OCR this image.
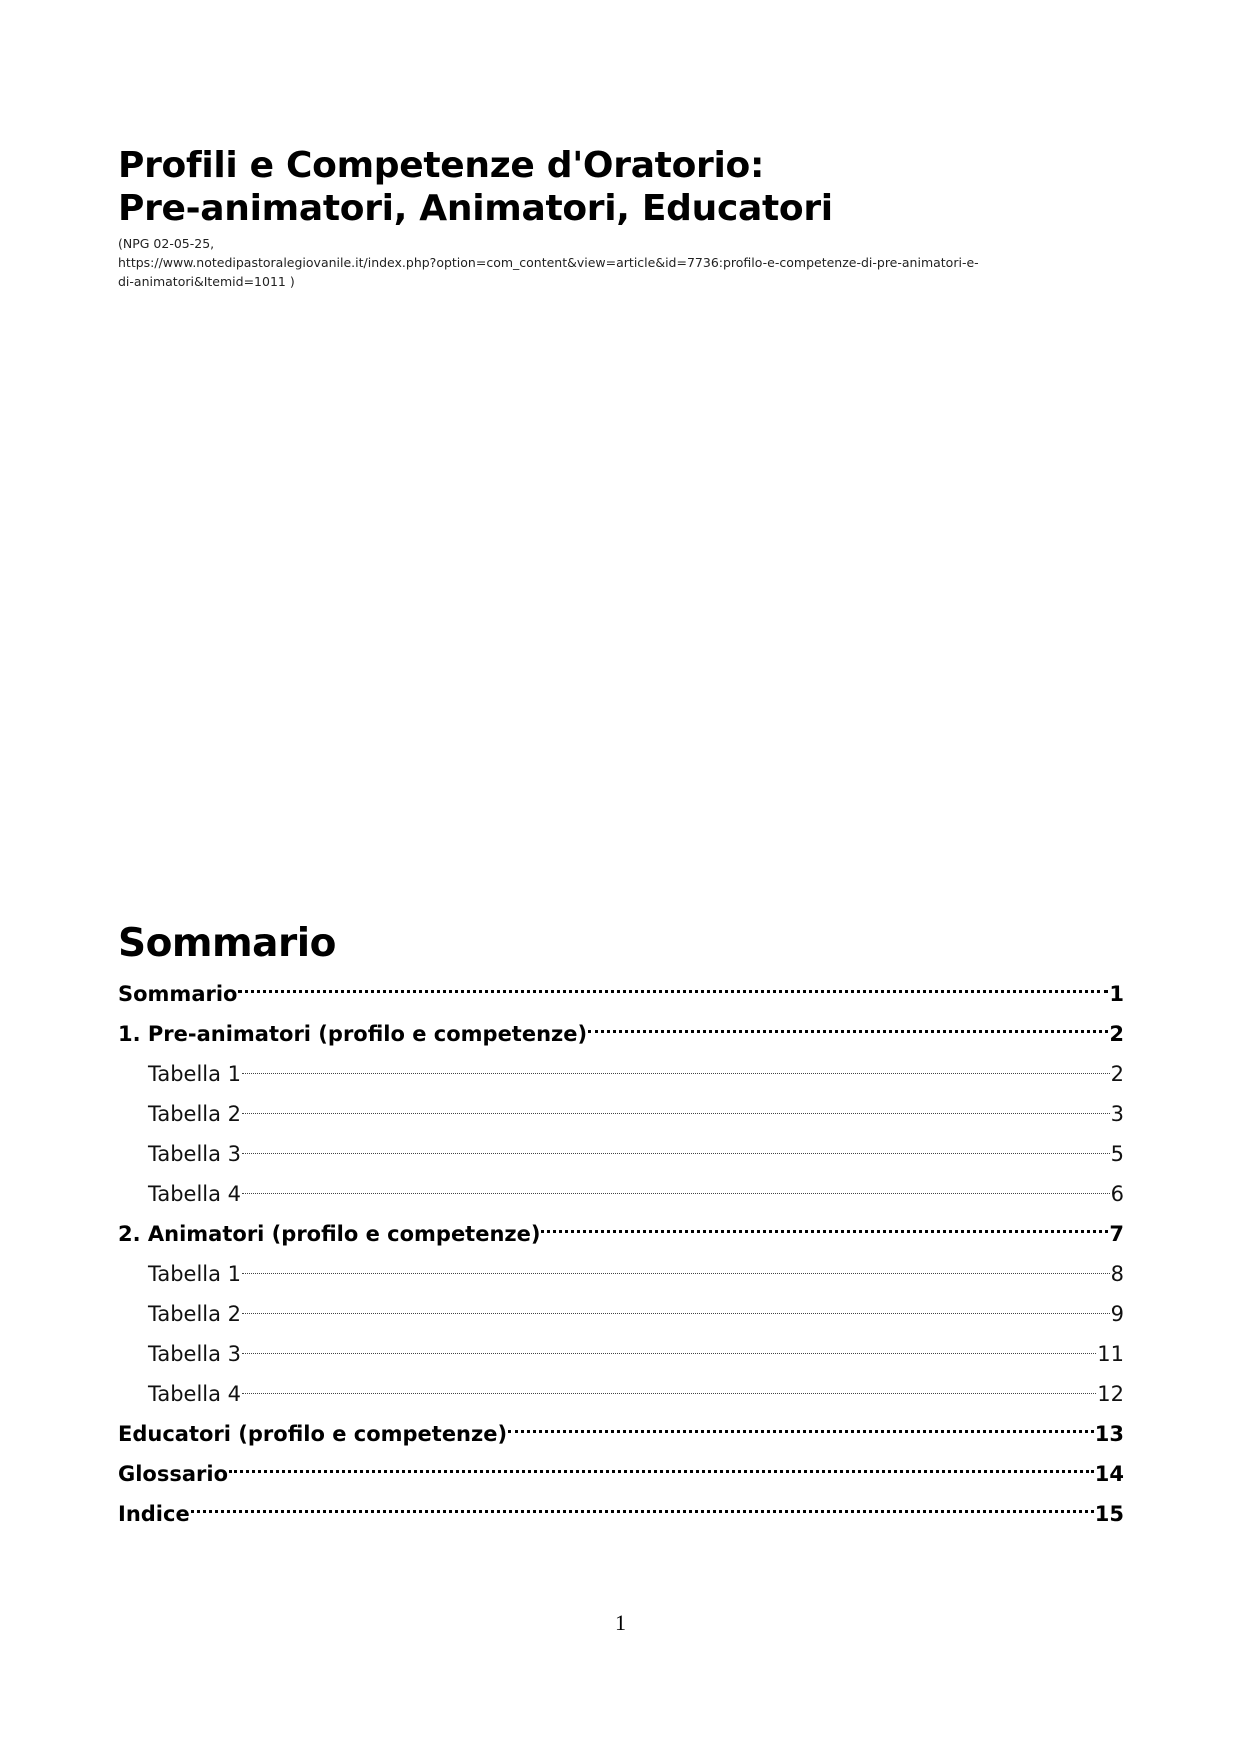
Profili e Competenze d'Oratorio:
Pre-animatori, Animatori, Educatori
(NPG 02-05-25,
https://www.notedipastoralegiovanile.it/index.php?option=com_content&view=article&id=7736:profilo-e-competenze-di-pre-animatori-e-
di-animatori&Itemid=1011 )
Sommario
Sommario	1
1. Pre-animatori (profilo e competenze)	2
Tabella 1	2
Tabella 2	3
Tabella 3	5
Tabella 4	6
2. Animatori (profilo e competenze)	7
Tabella 1	8
Tabella 2	9
Tabella 3	11
Tabella 4	12
Educatori (profilo e competenze)	13
Glossario	14
Indice	15
1
